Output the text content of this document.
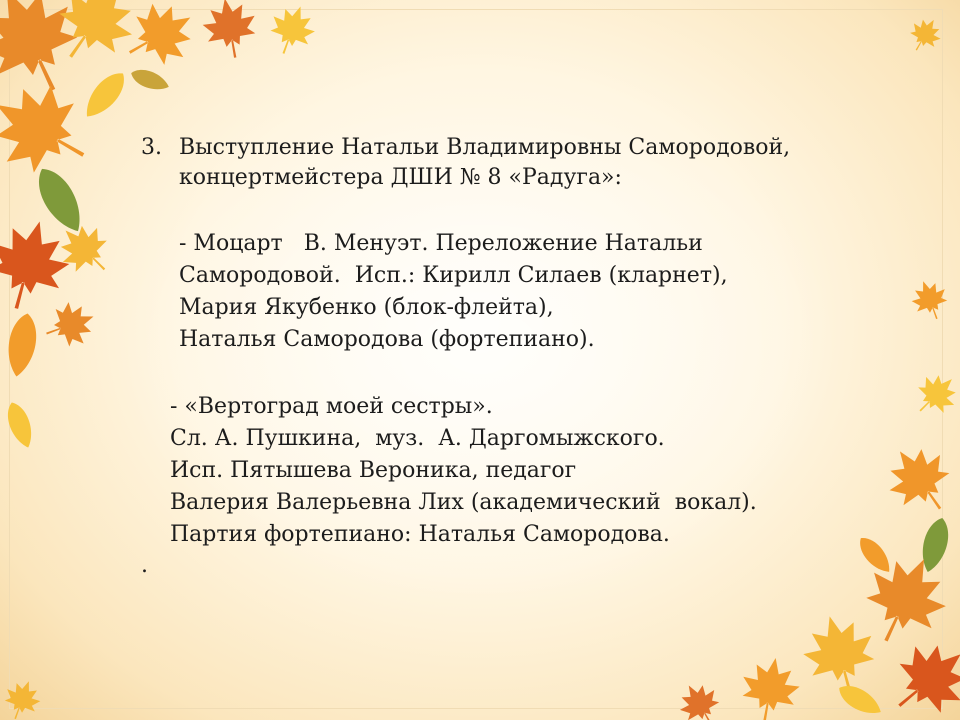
3. Выступление Натальи Владимировны Самородовой,
концертмейстера ДШИ № 8 «Радуга»:
- Моцарт   В. Менуэт. Переложение Натальи
Самородовой.  Исп.: Кирилл Силаев (кларнет),
Мария Якубенко (блок-флейта),
Наталья Самородова (фортепиано).
- «Вертоград моей сестры».
Сл. А. Пушкина,  муз.  А. Даргомыжского.
Исп. Пятышева Вероника, педагог
Валерия Валерьевна Лих (академический  вокал).
Партия фортепиано: Наталья Самородова.
.
